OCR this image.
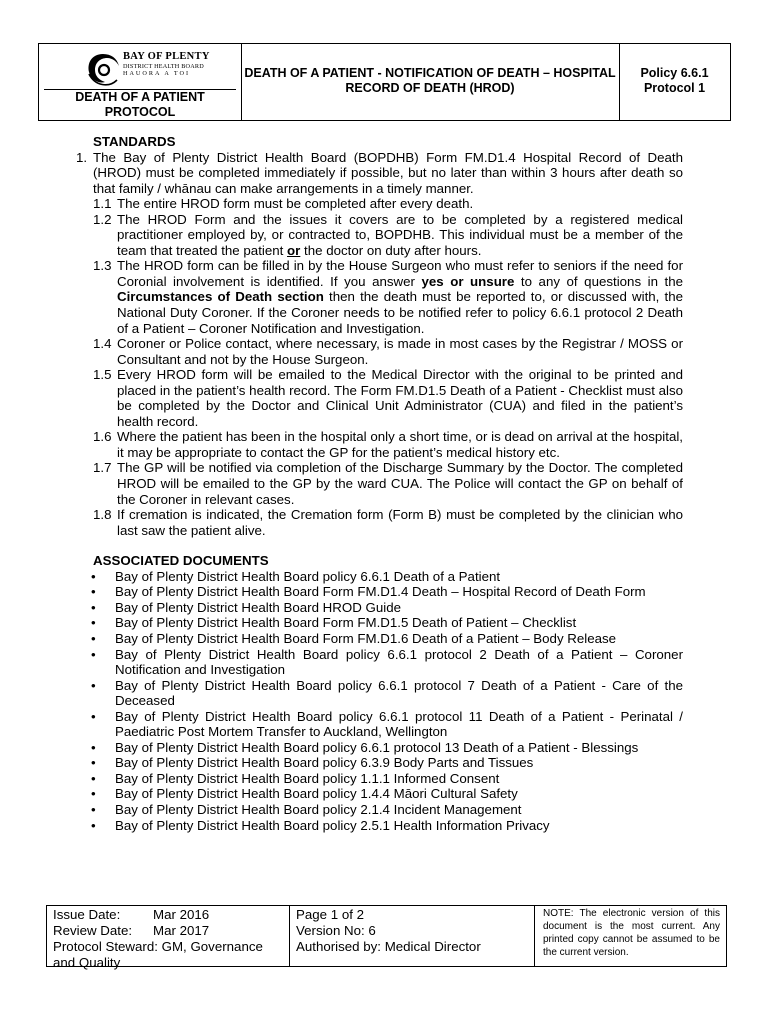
BAY OF PLENTY
DISTRICT HEALTH BOARD
HAUORA A TOI
DEATH OF A PATIENT PROTOCOL
DEATH OF A PATIENT - NOTIFICATION OF DEATH – HOSPITAL RECORD OF DEATH (HROD)
Policy 6.6.1
Protocol 1
STANDARDS
1. The Bay of Plenty District Health Board (BOPDHB) Form FM.D1.4 Hospital Record of Death (HROD) must be completed immediately if possible, but no later than within 3 hours after death so that family / whānau can make arrangements in a timely manner.
1.1 The entire HROD form must be completed after every death.
1.2 The HROD Form and the issues it covers are to be completed by a registered medical practitioner employed by, or contracted to, BOPDHB. This individual must be a member of the team that treated the patient or the doctor on duty after hours.
1.3 The HROD form can be filled in by the House Surgeon who must refer to seniors if the need for Coronial involvement is identified. If you answer yes or unsure to any of questions in the Circumstances of Death section then the death must be reported to, or discussed with, the National Duty Coroner. If the Coroner needs to be notified refer to policy 6.6.1 protocol 2 Death of a Patient – Coroner Notification and Investigation.
1.4 Coroner or Police contact, where necessary, is made in most cases by the Registrar / MOSS or Consultant and not by the House Surgeon.
1.5 Every HROD form will be emailed to the Medical Director with the original to be printed and placed in the patient’s health record. The Form FM.D1.5 Death of a Patient - Checklist must also be completed by the Doctor and Clinical Unit Administrator (CUA) and filed in the patient’s health record.
1.6 Where the patient has been in the hospital only a short time, or is dead on arrival at the hospital, it may be appropriate to contact the GP for the patient’s medical history etc.
1.7 The GP will be notified via completion of the Discharge Summary by the Doctor. The completed HROD will be emailed to the GP by the ward CUA. The Police will contact the GP on behalf of the Coroner in relevant cases.
1.8 If cremation is indicated, the Cremation form (Form B) must be completed by the clinician who last saw the patient alive.
ASSOCIATED DOCUMENTS
• Bay of Plenty District Health Board policy 6.6.1 Death of a Patient
• Bay of Plenty District Health Board Form FM.D1.4 Death – Hospital Record of Death Form
• Bay of Plenty District Health Board HROD Guide
• Bay of Plenty District Health Board Form FM.D1.5 Death of Patient – Checklist
• Bay of Plenty District Health Board Form FM.D1.6 Death of a Patient – Body Release
• Bay of Plenty District Health Board policy 6.6.1 protocol 2 Death of a Patient – Coroner Notification and Investigation
• Bay of Plenty District Health Board policy 6.6.1 protocol 7 Death of a Patient - Care of the Deceased
• Bay of Plenty District Health Board policy 6.6.1 protocol 11 Death of a Patient - Perinatal / Paediatric Post Mortem Transfer to Auckland, Wellington
• Bay of Plenty District Health Board policy 6.6.1 protocol 13 Death of a Patient - Blessings
• Bay of Plenty District Health Board policy 6.3.9 Body Parts and Tissues
• Bay of Plenty District Health Board policy 1.1.1 Informed Consent
• Bay of Plenty District Health Board policy 1.4.4 Māori Cultural Safety
• Bay of Plenty District Health Board policy 2.1.4 Incident Management
• Bay of Plenty District Health Board policy 2.5.1 Health Information Privacy
Issue Date: Mar 2016
Review Date: Mar 2017
Protocol Steward: GM, Governance and Quality
Page 1 of 2
Version No: 6
Authorised by: Medical Director
NOTE: The electronic version of this document is the most current. Any printed copy cannot be assumed to be the current version.
